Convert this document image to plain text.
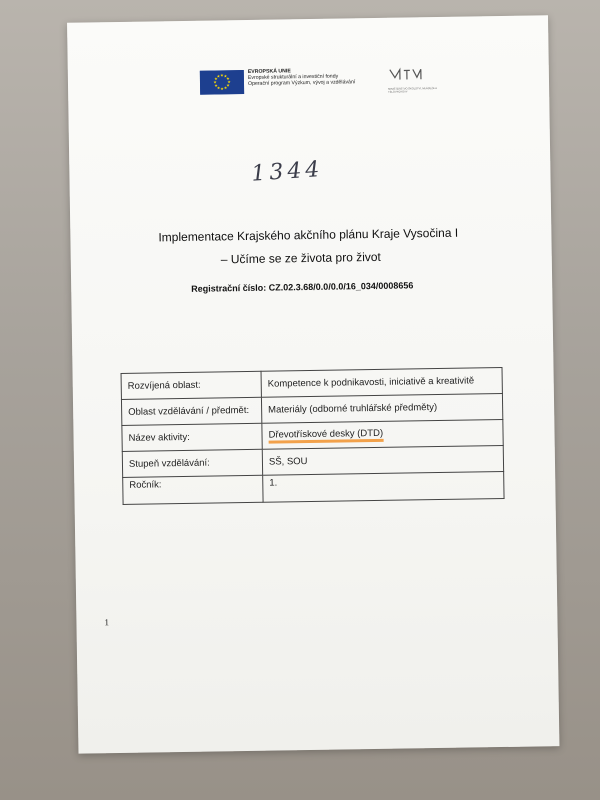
★ ★
★
★
★
★
★
★
★
★
★
★
EVROPSKÁ UNIE
Evropské strukturální a investiční fondy
Operační program Výzkum, vývoj a vzdělávání
MINISTERSTVO ŠKOLSTVÍ, MLÁDEŽE A TĚLOVÝCHOVY
1344
Implementace Krajského akčního plánu Kraje Vysočina I
– Učíme se ze života pro život
Registrační číslo: CZ.02.3.68/0.0/0.0/16_034/0008656
Rozvíjená oblast:	Kompetence k podnikavosti, iniciativě a kreativitě
Oblast vzdělávání / předmět:	Materiály (odborné truhlářské předměty)
Název aktivity:	Dřevotřískové desky (DTD)
Stupeň vzdělávání:	SŠ, SOU
Ročník:	1.
1
